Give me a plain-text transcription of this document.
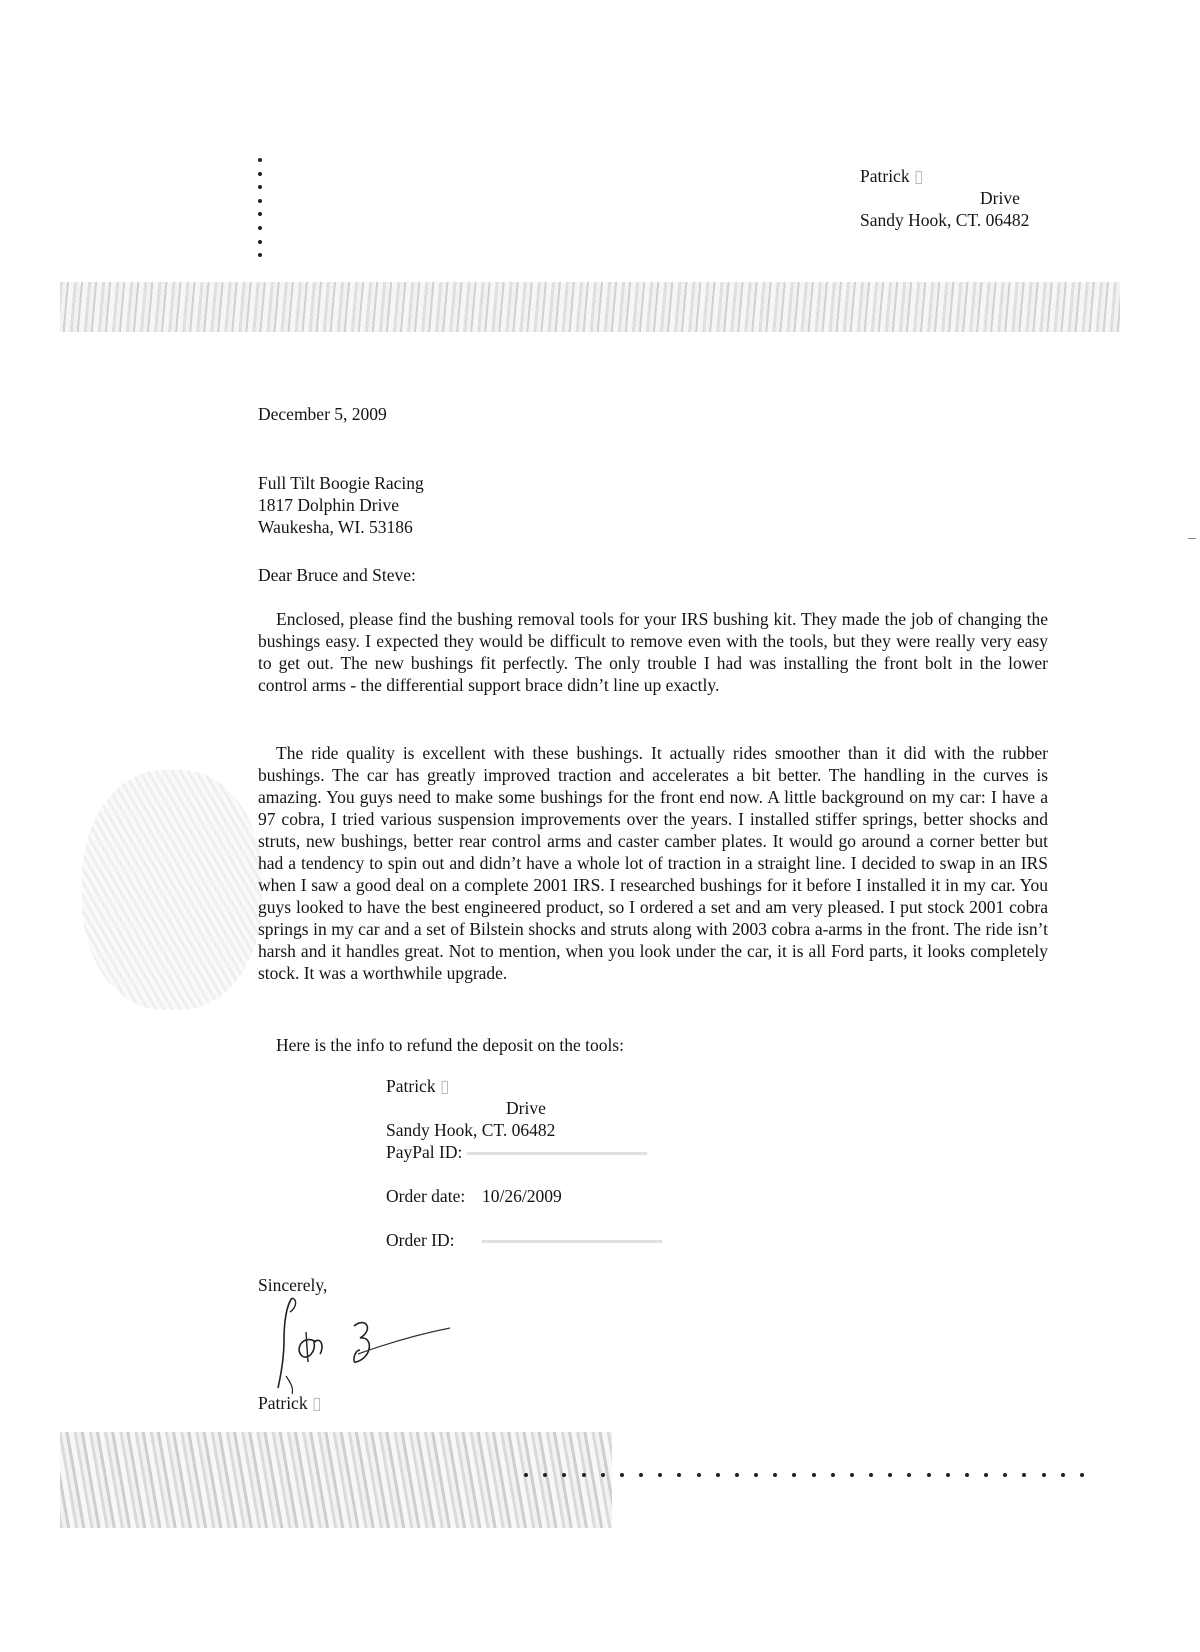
Patrick ▯
Drive
Sandy Hook, CT. 06482
December 5, 2009
Full Tilt Boogie Racing
1817 Dolphin Drive
Waukesha, WI. 53186
Dear Bruce and Steve:
Enclosed, please find the bushing removal tools for your IRS bushing kit. They made the job of changing the bushings easy. I expected they would be difficult to remove even with the tools, but they were really very easy to get out. The new bushings fit perfectly. The only trouble I had was installing the front bolt in the lower control arms - the differential support brace didn’t line up exactly.
The ride quality is excellent with these bushings. It actually rides smoother than it did with the rubber bushings. The car has greatly improved traction and accelerates a bit better. The handling in the curves is amazing. You guys need to make some bushings for the front end now. A little background on my car: I have a 97 cobra, I tried various suspension improvements over the years. I installed stiffer springs, better shocks and struts, new bushings, better rear control arms and caster camber plates. It would go around a corner better but had a tendency to spin out and didn’t have a whole lot of traction in a straight line. I decided to swap in an IRS when I saw a good deal on a complete 2001 IRS. I researched bushings for it before I installed it in my car. You guys looked to have the best engineered product, so I ordered a set and am very pleased. I put stock 2001 cobra springs in my car and a set of Bilstein shocks and struts along with 2003 cobra a-arms in the front. The ride isn’t harsh and it handles great. Not to mention, when you look under the car, it is all Ford parts, it looks completely stock. It was a worthwhile upgrade.
Here is the info to refund the deposit on the tools:
Patrick ▯
Drive
Sandy Hook, CT. 06482
PayPal ID:
Order date: 10/26/2009
Order ID:
Sincerely,
Patrick ▯
